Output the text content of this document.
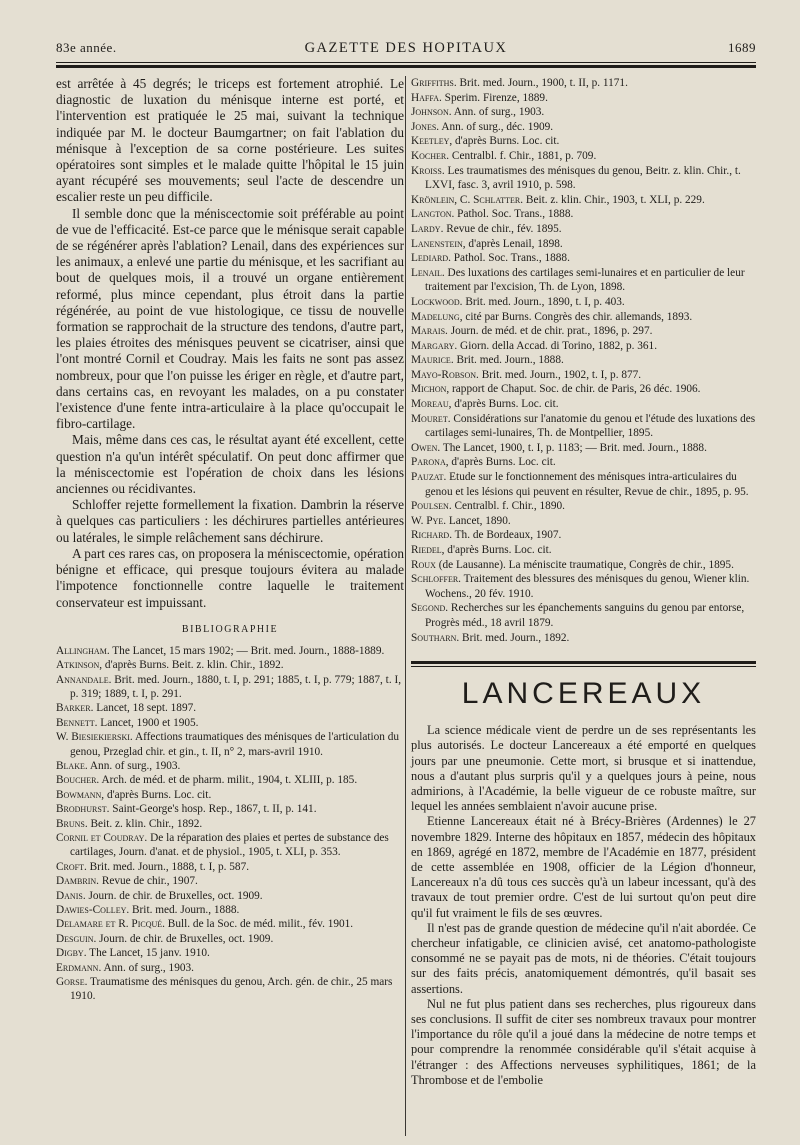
83e année.	GAZETTE DES HOPITAUX	1689

est arrêtée à 45 degrés; le triceps est fortement atrophié. Le diagnostic de luxation du ménisque interne est porté, et l'intervention est pratiquée le 25 mai, suivant la technique indiquée par M. le docteur Baumgartner; on fait l'ablation du ménisque à l'exception de sa corne postérieure. Les suites opératoires sont simples et le malade quitte l'hôpital le 15 juin ayant récupéré ses mouvements; seul l'acte de descendre un escalier reste un peu difficile.

Il semble donc que la méniscectomie soit préférable au point de vue de l'efficacité. Est-ce parce que le ménisque serait capable de se régénérer après l'ablation? Lenail, dans des expériences sur les animaux, a enlevé une partie du ménisque, et les sacrifiant au bout de quelques mois, il a trouvé un organe entièrement reformé, plus mince cependant, plus étroit dans la partie régénérée, au point de vue histologique, ce tissu de nouvelle formation se rapprochait de la structure des tendons, d'autre part, les plaies étroites des ménisques peuvent se cicatriser, ainsi que l'ont montré Cornil et Coudray. Mais les faits ne sont pas assez nombreux, pour que l'on puisse les ériger en règle, et d'autre part, dans certains cas, en revoyant les malades, on a pu constater l'existence d'une fente intra-articulaire à la place qu'occupait le fibro-cartilage.

Mais, même dans ces cas, le résultat ayant été excellent, cette question n'a qu'un intérêt spéculatif. On peut donc affirmer que la méniscectomie est l'opération de choix dans les lésions anciennes ou récidivantes.

Schloffer rejette formellement la fixation. Dambrin la réserve à quelques cas particuliers : les déchirures partielles antérieures ou latérales, le simple relâchement sans déchirure.

A part ces rares cas, on proposera la méniscectomie, opération bénigne et efficace, qui presque toujours évitera au malade l'impotence fonctionnelle contre laquelle le traitement conservateur est impuissant.

BIBLIOGRAPHIE
Allingham. The Lancet, 15 mars 1902; — Brit. med. Journ., 1888-1889.
Atkinson, d'après Burns. Beit. z. klin. Chir., 1892.
Annandale. Brit. med. Journ., 1880, t. I, p. 291; 1885, t. I, p. 779; 1887, t. I, p. 319; 1889, t. I, p. 291.
Barker. Lancet, 18 sept. 1897.
Bennett. Lancet, 1900 et 1905.
W. Biesiekierski. Affections traumatiques des ménisques de l'articulation du genou, Przeglad chir. et gin., t. II, n° 2, mars-avril 1910.
Blake. Ann. of surg., 1903.
Boucher. Arch. de méd. et de pharm. milit., 1904, t. XLIII, p. 185.
Bowmann, d'après Burns. Loc. cit.
Brodhurst. Saint-George's hosp. Rep., 1867, t. II, p. 141.
Bruns. Beit. z. klin. Chir., 1892.
Cornil et Coudray. De la réparation des plaies et pertes de substance des cartilages, Journ. d'anat. et de physiol., 1905, t. XLI, p. 353.
Croft. Brit. med. Journ., 1888, t. I, p. 587.
Dambrin. Revue de chir., 1907.
Danis. Journ. de chir. de Bruxelles, oct. 1909.
Dawies-Colley. Brit. med. Journ., 1888.
Delamare et R. Picqué. Bull. de la Soc. de méd. milit., fév. 1901.
Desguin. Journ. de chir. de Bruxelles, oct. 1909.
Digby. The Lancet, 15 janv. 1910.
Erdmann. Ann. of surg., 1903.
Gorse. Traumatisme des ménisques du genou, Arch. gén. de chir., 25 mars 1910.
Griffiths. Brit. med. Journ., 1900, t. II, p. 1171.
Haffa. Sperim. Firenze, 1889.
Johnson. Ann. of surg., 1903.
Jones. Ann. of surg., déc. 1909.
Keetley, d'après Burns. Loc. cit.
Kocher. Centralbl. f. Chir., 1881, p. 709.
Kroiss. Les traumatismes des ménisques du genou, Beitr. z. klin. Chir., t. LXVI, fasc. 3, avril 1910, p. 598.
Krönlein, C. Schlatter. Beit. z. klin. Chir., 1903, t. XLI, p. 229.
Langton. Pathol. Soc. Trans., 1888.
Lardy. Revue de chir., fév. 1895.
Lanenstein, d'après Lenail, 1898.
Lediard. Pathol. Soc. Trans., 1888.
Lenail. Des luxations des cartilages semi-lunaires et en particulier de leur traitement par l'excision, Th. de Lyon, 1898.
Lockwood. Brit. med. Journ., 1890, t. I, p. 403.
Madelung, cité par Burns. Congrès des chir. allemands, 1893.
Marais. Journ. de méd. et de chir. prat., 1896, p. 297.
Margary. Giorn. della Accad. di Torino, 1882, p. 361.
Maurice. Brit. med. Journ., 1888.
Mayo-Robson. Brit. med. Journ., 1902, t. I, p. 877.
Michon, rapport de Chaput. Soc. de chir. de Paris, 26 déc. 1906.
Moreau, d'après Burns. Loc. cit.
Mouret. Considérations sur l'anatomie du genou et l'étude des luxations des cartilages semi-lunaires, Th. de Montpellier, 1895.
Owen. The Lancet, 1900, t. I, p. 1183; — Brit. med. Journ., 1888.
Parona, d'après Burns. Loc. cit.
Pauzat. Etude sur le fonctionnement des ménisques intra-articulaires du genou et les lésions qui peuvent en résulter, Revue de chir., 1895, p. 95.
Poulsen. Centralbl. f. Chir., 1890.
W. Pye. Lancet, 1890.
Richard. Th. de Bordeaux, 1907.
Riedel, d'après Burns. Loc. cit.
Roux (de Lausanne). La méniscite traumatique, Congrès de chir., 1895.
Schloffer. Traitement des blessures des ménisques du genou, Wiener klin. Wochens., 20 fév. 1910.
Segond. Recherches sur les épanchements sanguins du genou par entorse, Progrès méd., 18 avril 1879.
Southarn. Brit. med. Journ., 1892.
LANCEREAUX

La science médicale vient de perdre un de ses représentants les plus autorisés. Le docteur Lancereaux a été emporté en quelques jours par une pneumonie. Cette mort, si brusque et si inattendue, nous a d'autant plus surpris qu'il y a quelques jours à peine, nous admirions, à l'Académie, la belle vigueur de ce robuste maître, sur lequel les années semblaient n'avoir aucune prise.

Etienne Lancereaux était né à Brécy-Brières (Ardennes) le 27 novembre 1829. Interne des hôpitaux en 1857, médecin des hôpitaux en 1869, agrégé en 1872, membre de l'Académie en 1877, président de cette assemblée en 1908, officier de la Légion d'honneur, Lancereaux n'a dû tous ces succès qu'à un labeur incessant, qu'à des travaux de tout premier ordre. C'est de lui surtout qu'on peut dire qu'il fut vraiment le fils de ses œuvres.

Il n'est pas de grande question de médecine qu'il n'ait abordée. Ce chercheur infatigable, ce clinicien avisé, cet anatomo-pathologiste consommé ne se payait pas de mots, ni de théories. C'était toujours sur des faits précis, anatomiquement démontrés, qu'il basait ses assertions.

Nul ne fut plus patient dans ses recherches, plus rigoureux dans ses conclusions. Il suffit de citer ses nombreux travaux pour montrer l'importance du rôle qu'il a joué dans la médecine de notre temps et pour comprendre la renommée considérable qu'il s'était acquise à l'étranger : des Affections nerveuses syphilitiques, 1861; de la Thrombose et de l'embolie
